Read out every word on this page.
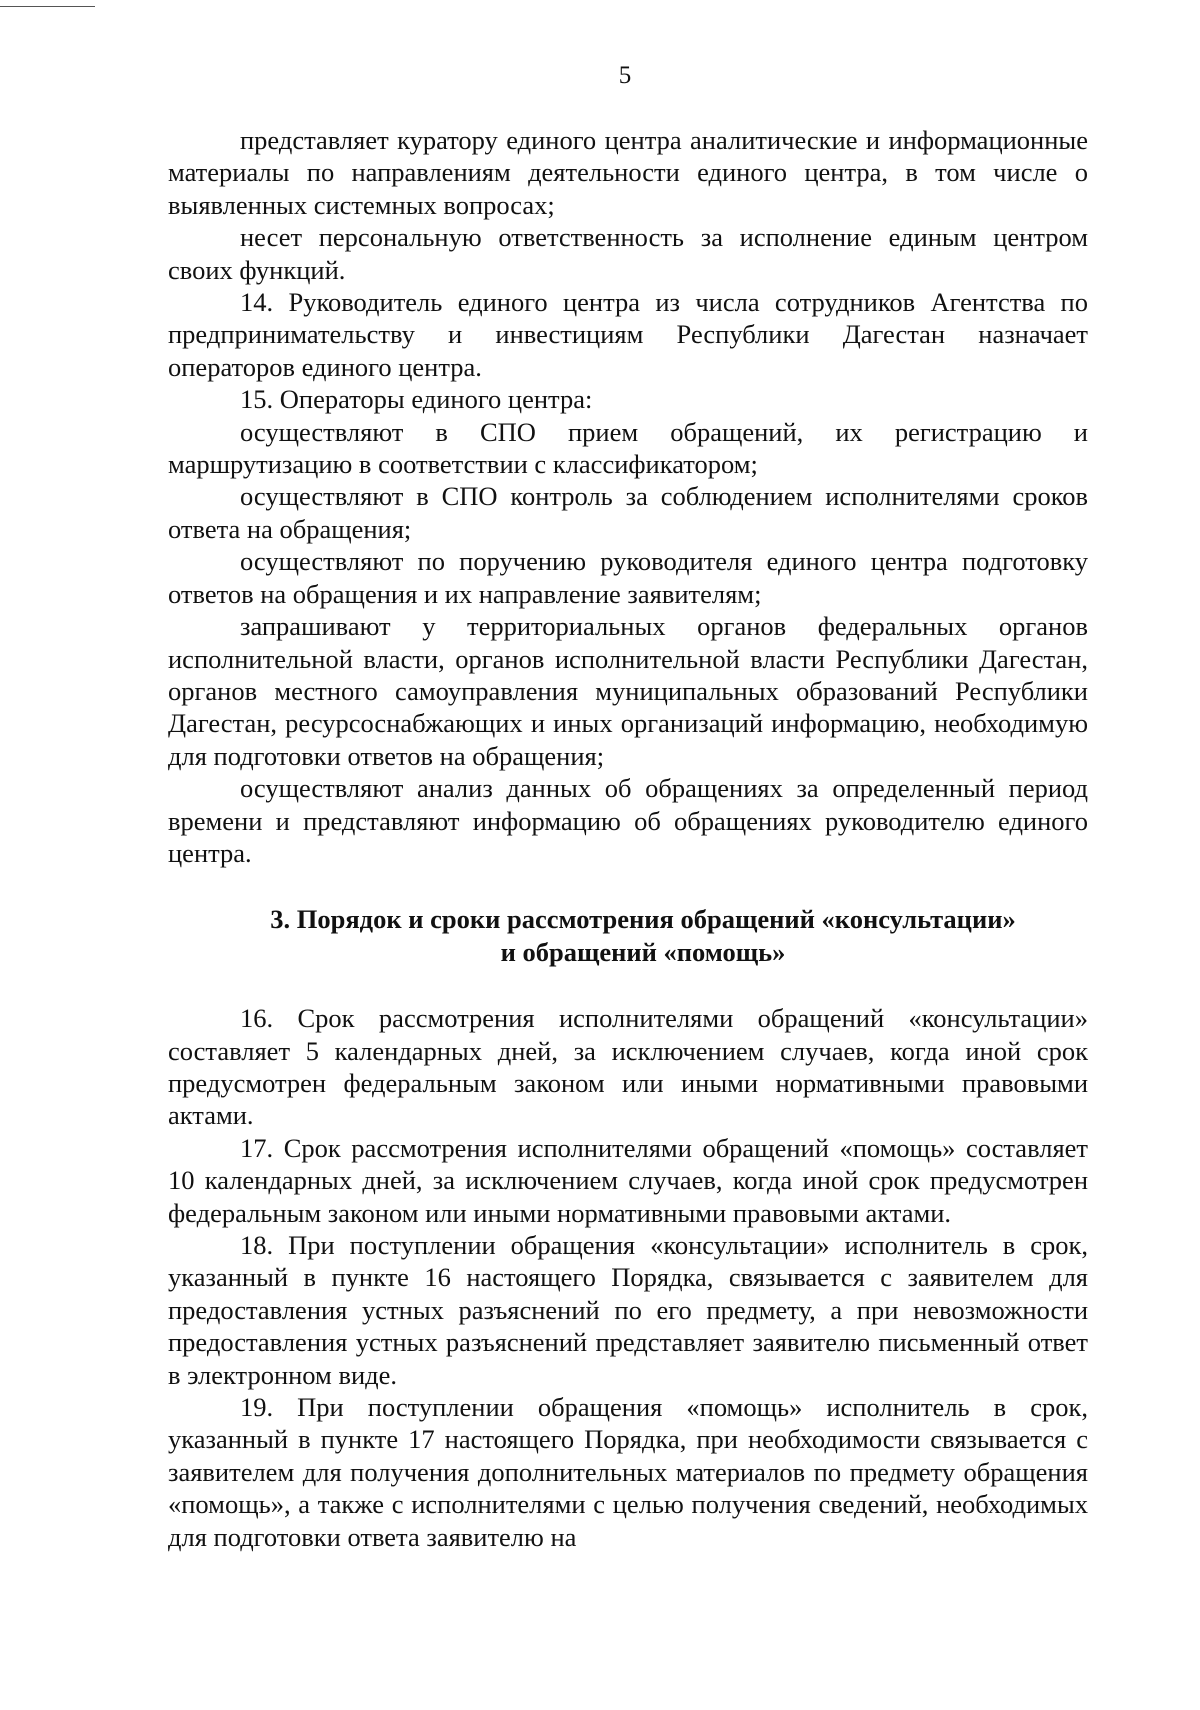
5

представляет куратору единого центра аналитические и информационные материалы по направлениям деятельности единого центра, в том числе о выявленных системных вопросах;

несет персональную ответственность за исполнение единым центром своих функций.

14. Руководитель единого центра из числа сотрудников Агентства по предпринимательству и инвестициям Республики Дагестан назначает операторов единого центра.

15. Операторы единого центра:

осуществляют в СПО прием обращений, их регистрацию и маршрутизацию в соответствии с классификатором;

осуществляют в СПО контроль за соблюдением исполнителями сроков ответа на обращения;

осуществляют по поручению руководителя единого центра подготовку ответов на обращения и их направление заявителям;

запрашивают у территориальных органов федеральных органов исполнительной власти, органов исполнительной власти Республики Дагестан, органов местного самоуправления муниципальных образований Республики Дагестан, ресурсоснабжающих и иных организаций информацию, необходимую для подготовки ответов на обращения;

осуществляют анализ данных об обращениях за определенный период времени и представляют информацию об обращениях руководителю единого центра.

3. Порядок и сроки рассмотрения обращений «консультации»
и обращений «помощь»

16. Срок рассмотрения исполнителями обращений «консультации» составляет 5 календарных дней, за исключением случаев, когда иной срок предусмотрен федеральным законом или иными нормативными правовыми актами.

17. Срок рассмотрения исполнителями обращений «помощь» составляет 10 календарных дней, за исключением случаев, когда иной срок предусмотрен федеральным законом или иными нормативными правовыми актами.

18. При поступлении обращения «консультации» исполнитель в срок, указанный в пункте 16 настоящего Порядка, связывается с заявителем для предоставления устных разъяснений по его предмету, а при невозможности предоставления устных разъяснений представляет заявителю письменный ответ в электронном виде.

19. При поступлении обращения «помощь» исполнитель в срок, указанный в пункте 17 настоящего Порядка, при необходимости связывается с заявителем для получения дополнительных материалов по предмету обращения «помощь», а также с исполнителями с целью получения сведений, необходимых для подготовки ответа заявителю на
